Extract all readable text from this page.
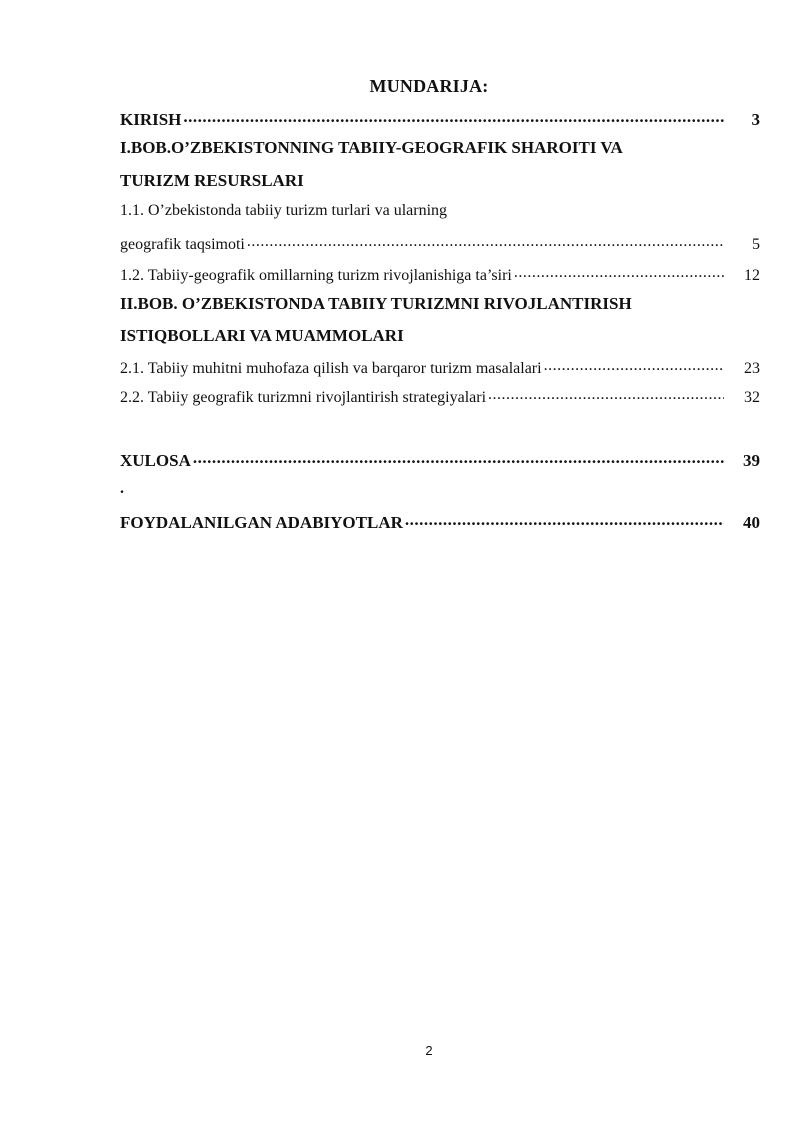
MUNDARIJA:
KIRISH .....	3
I.BOB.O’ZBEKISTONNING TABIIY-GEOGRAFIK SHAROITI VA
TURIZM RESURSLARI
1.1. O’zbekistonda tabiiy turizm turlari va ularning
geografik taqsimoti .....	5
1.2. Tabiiy-geografik omillarning turizm rivojlanishiga ta’siri .....	12
II.BOB. O’ZBEKISTONDA TABIIY TURIZMNI RIVOJLANTIRISH
ISTIQBOLLARI VA MUAMMOLARI
2.1. Tabiiy muhitni muhofaza qilish va barqaror turizm masalalari .....	23
2.2. Tabiiy geografik turizmni rivojlantirish strategiyalari .....	32
XULOSA .....	39
.
FOYDALANILGAN ADABIYOTLAR .....	40
2
